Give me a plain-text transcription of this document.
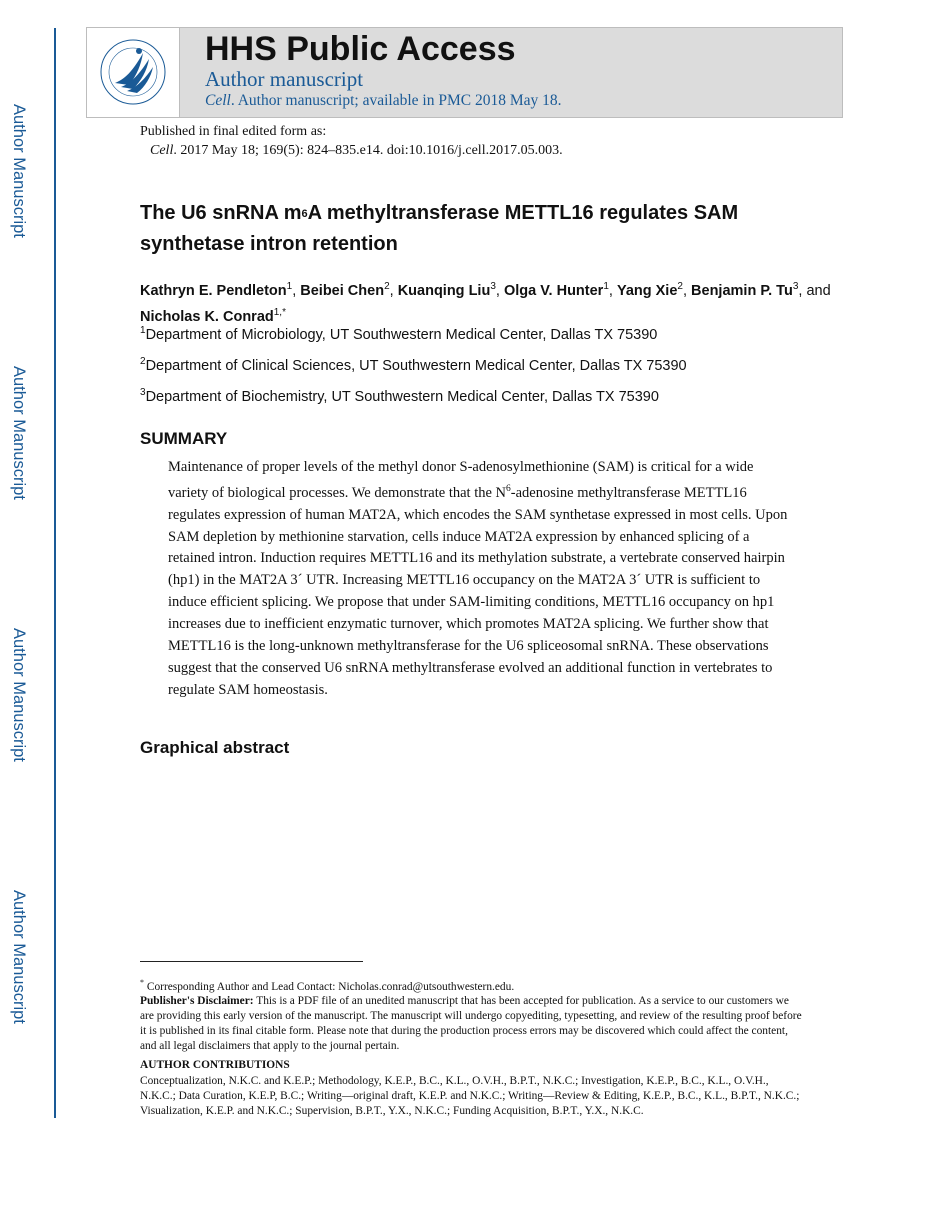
Author Manuscript
Author Manuscript
Author Manuscript
Author Manuscript
HHS Public Access
Author manuscript
Cell. Author manuscript; available in PMC 2018 May 18.
Published in final edited form as:
Cell. 2017 May 18; 169(5): 824–835.e14. doi:10.1016/j.cell.2017.05.003.
The U6 snRNA $m^6A$ methyltransferase METTL16 regulates SAM synthetase intron retention
Kathryn E. Pendleton$^1$, Beibei Chen$^2$, Kuanqing Liu$^3$, Olga V. Hunter$^1$, Yang Xie$^2$, Benjamin P. Tu$^3$, and Nicholas K. Conrad$^{1,*}$
$^1$Department of Microbiology, UT Southwestern Medical Center, Dallas TX 75390
$^2$Department of Clinical Sciences, UT Southwestern Medical Center, Dallas TX 75390
$^3$Department of Biochemistry, UT Southwestern Medical Center, Dallas TX 75390
SUMMARY
Maintenance of proper levels of the methyl donor S-adenosylmethionine (SAM) is critical for a wide variety of biological processes. We demonstrate that the $N^6$-adenosine methyltransferase METTL16 regulates expression of human MAT2A, which encodes the SAM synthetase expressed in most cells. Upon SAM depletion by methionine starvation, cells induce MAT2A expression by enhanced splicing of a retained intron. Induction requires METTL16 and its methylation substrate, a vertebrate conserved hairpin (hp1) in the MAT2A 3´ UTR. Increasing METTL16 occupancy on the MAT2A 3´ UTR is sufficient to induce efficient splicing. We propose that under SAM-limiting conditions, METTL16 occupancy on hp1 increases due to inefficient enzymatic turnover, which promotes MAT2A splicing. We further show that METTL16 is the long-unknown methyltransferase for the U6 spliceosomal snRNA. These observations suggest that the conserved U6 snRNA methyltransferase evolved an additional function in vertebrates to regulate SAM homeostasis.
Graphical abstract
* Corresponding Author and Lead Contact: Nicholas.conrad@utsouthwestern.edu.
Publisher's Disclaimer: This is a PDF file of an unedited manuscript that has been accepted for publication. As a service to our customers we are providing this early version of the manuscript. The manuscript will undergo copyediting, typesetting, and review of the resulting proof before it is published in its final citable form. Please note that during the production process errors may be discovered which could affect the content, and all legal disclaimers that apply to the journal pertain.
AUTHOR CONTRIBUTIONS
Conceptualization, N.K.C. and K.E.P.; Methodology, K.E.P., B.C., K.L., O.V.H., B.P.T., N.K.C.; Investigation, K.E.P., B.C., K.L., O.V.H., N.K.C.; Data Curation, K.E.P, B.C.; Writing—original draft, K.E.P. and N.K.C.; Writing—Review & Editing, K.E.P., B.C., K.L., B.P.T., N.K.C.; Visualization, K.E.P. and N.K.C.; Supervision, B.P.T., Y.X., N.K.C.; Funding Acquisition, B.P.T., Y.X., N.K.C.
